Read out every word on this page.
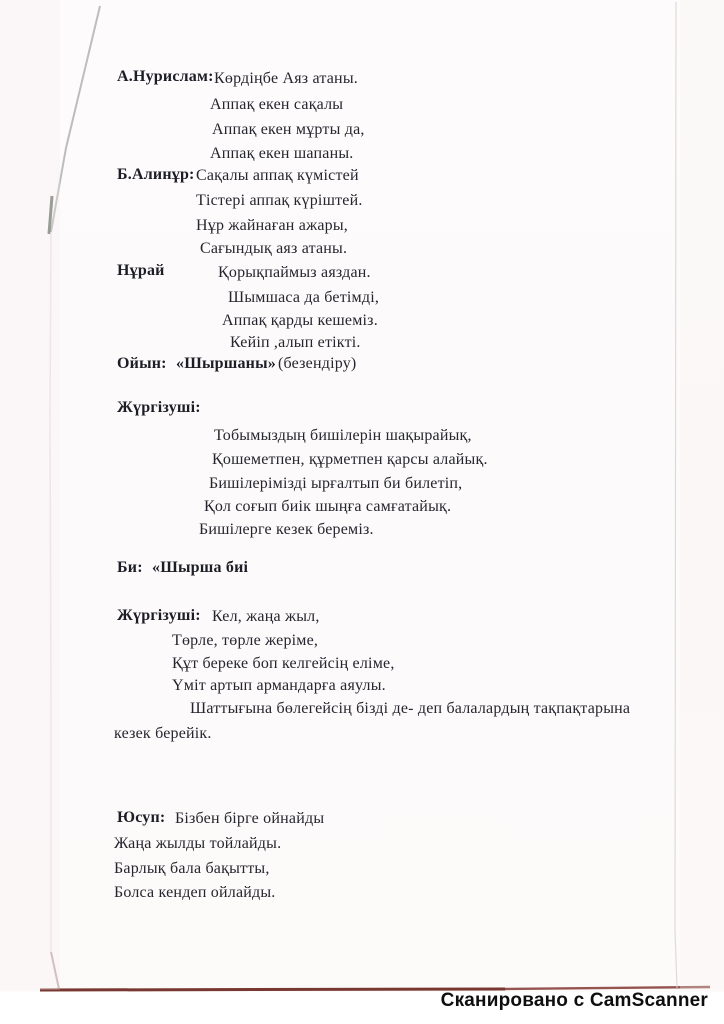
А.Нурислам: Көрдіңбе Аяз атаны.
Аппақ екен сақалы
Аппақ екен мұрты да,
Аппақ екен шапаны.
Б.Алинұр: Сақалы аппақ күмістей
Тістері аппақ күріштей.
Нұр жайнаған ажары,
Сағындық аяз атаны.
Нұрай	Қорықпаймыз аяздан.
Шымшаса да бетімді,
Аппақ қарды кешеміз.
Кейіп ,алып етікті.
Ойын: «Шыршаны» (безендіру)
Жүргізуші:
Тобымыздың бишілерін шақырайық,
Қошеметпен, құрметпен қарсы алайық.
Бишілерімізді ырғалтып би билетіп,
Қол соғып биік шыңға самғатайық.
Бишілерге кезек береміз.
Би: «Шырша биі
Жүргізуші: Кел, жаңа жыл,
Төрле, төрле жеріме,
Құт береке боп келгейсің еліме,
Үміт артып армандарға аяулы.
Шаттығына бөлегейсің бізді де- деп балалардың тақпақтарына
кезек берейік.
Юсуп: Бізбен бірге ойнайды
Жаңа жылды тойлайды.
Барлық бала бақытты,
Болса кендеп ойлайды.
Сканировано с CamScanner
